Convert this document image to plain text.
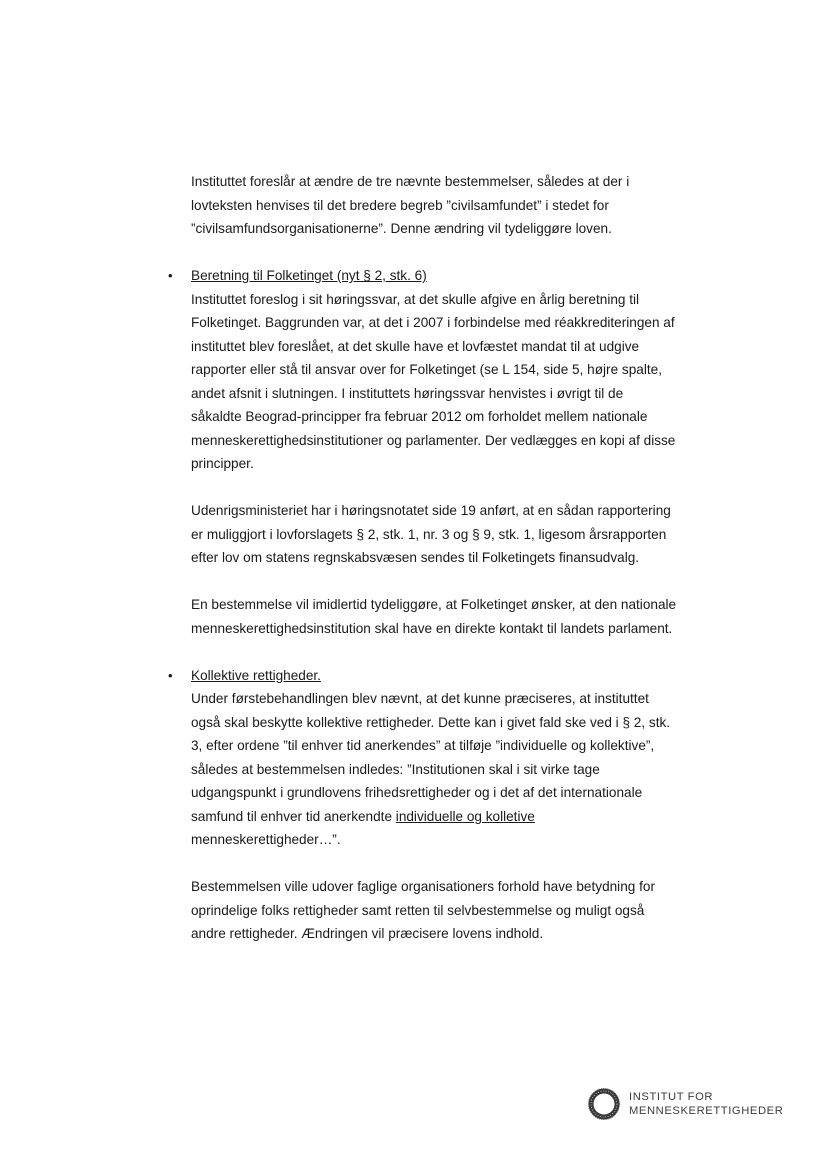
Instituttet foreslår at ændre de tre nævnte bestemmelser, således at der i

lovteksten henvises til det bredere begreb ”civilsamfundet” i stedet for

”civilsamfundsorganisationerne”. Denne ændring vil tydeliggøre loven.

• Beretning til Folketinget (nyt § 2, stk. 6)

Instituttet foreslog i sit høringssvar, at det skulle afgive en årlig beretning til

Folketinget. Baggrunden var, at det i 2007 i forbindelse med réakkrediteringen af

instituttet blev foreslået, at det skulle have et lovfæstet mandat til at udgive

rapporter eller stå til ansvar over for Folketinget (se L 154, side 5, højre spalte,

andet afsnit i slutningen. I instituttets høringssvar henvistes i øvrigt til de

såkaldte Beograd-principper fra februar 2012 om forholdet mellem nationale

menneskerettighedsinstitutioner og parlamenter. Der vedlægges en kopi af disse

principper.

Udenrigsministeriet har i høringsnotatet side 19 anført, at en sådan rapportering

er muliggjort i lovforslagets § 2, stk. 1, nr. 3 og § 9, stk. 1, ligesom årsrapporten

efter lov om statens regnskabsvæsen sendes til Folketingets finansudvalg.

En bestemmelse vil imidlertid tydeliggøre, at Folketinget ønsker, at den nationale

menneskerettighedsinstitution skal have en direkte kontakt til landets parlament.

• Kollektive rettigheder.

Under førstebehandlingen blev nævnt, at det kunne præciseres, at instituttet

også skal beskytte kollektive rettigheder. Dette kan i givet fald ske ved i § 2, stk.

3, efter ordene ”til enhver tid anerkendes” at tilføje ”individuelle og kollektive”,

således at bestemmelsen indledes: ”Institutionen skal i sit virke tage

udgangspunkt i grundlovens frihedsrettigheder og i det af det internationale

samfund til enhver tid anerkendte individuelle og kolletive

menneskerettigheder…”.

Bestemmelsen ville udover faglige organisationers forhold have betydning for

oprindelige folks rettigheder samt retten til selvbestemmelse og muligt også

andre rettigheder. Ændringen vil præcisere lovens indhold.

INSTITUT FOR
MENNESKERETTIGHEDER
